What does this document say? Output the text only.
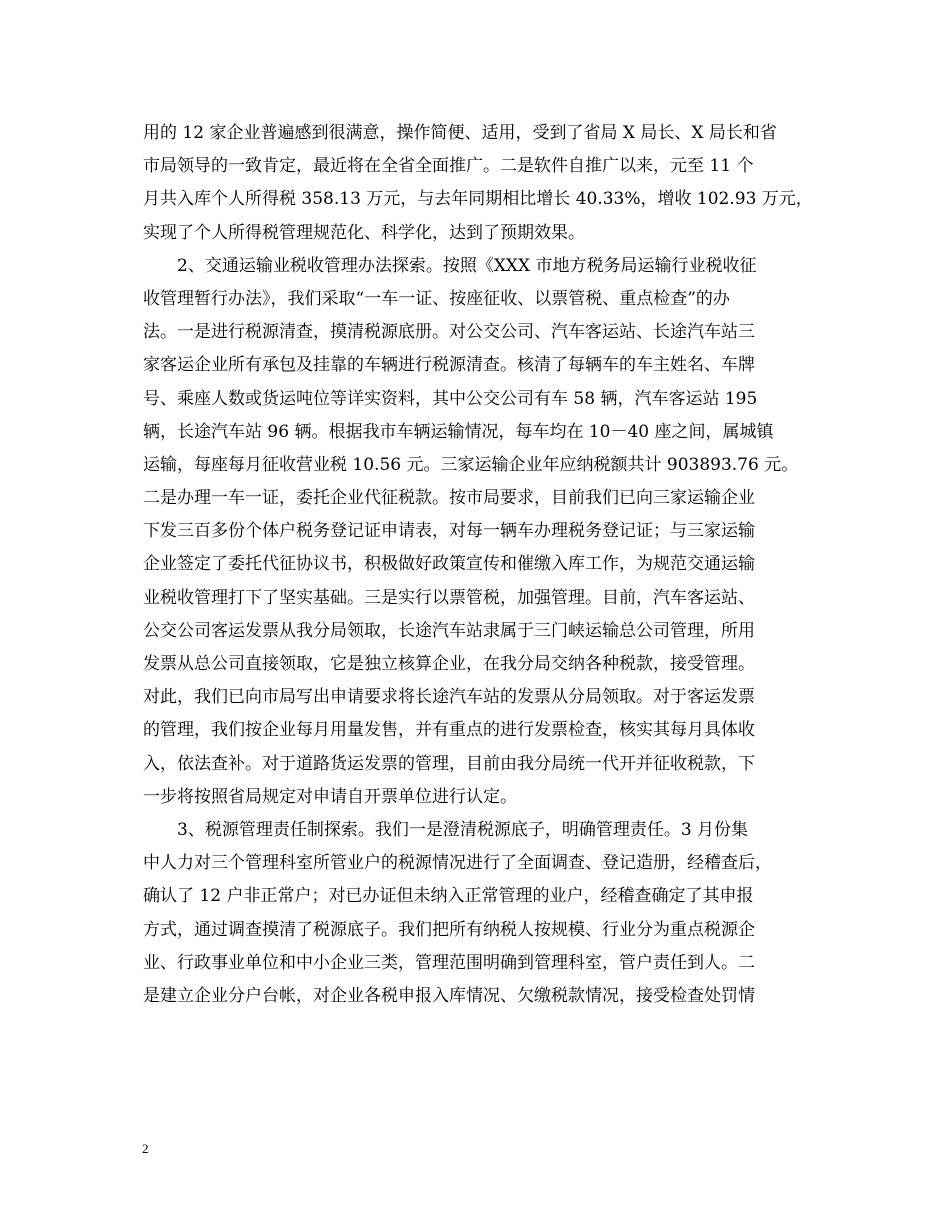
用的 12 家企业普遍感到很满意，操作简便、适用，受到了省局 X 局长、X 局长和省
市局领导的一致肯定，最近将在全省全面推广。二是软件自推广以来，元至 11 个
月共入库个人所得税 358.13 万元，与去年同期相比增长 40.33%，增收 102.93 万元，
实现了个人所得税管理规范化、科学化，达到了预期效果。
　　2、交通运输业税收管理办法探索。按照《XXX 市地方税务局运输行业税收征
收管理暂行办法》，我们采取“一车一证、按座征收、以票管税、重点检查”的办
法。一是进行税源清查，摸清税源底册。对公交公司、汽车客运站、长途汽车站三
家客运企业所有承包及挂靠的车辆进行税源清查。核清了每辆车的车主姓名、车牌
号、乘座人数或货运吨位等详实资料，其中公交公司有车 58 辆，汽车客运站 195
辆，长途汽车站 96 辆。根据我市车辆运输情况，每车均在 10－40 座之间，属城镇
运输，每座每月征收营业税 10.56 元。三家运输企业年应纳税额共计 903893.76 元。
二是办理一车一证，委托企业代征税款。按市局要求，目前我们已向三家运输企业
下发三百多份个体户税务登记证申请表，对每一辆车办理税务登记证；与三家运输
企业签定了委托代征协议书，积极做好政策宣传和催缴入库工作，为规范交通运输
业税收管理打下了坚实基础。三是实行以票管税，加强管理。目前，汽车客运站、
公交公司客运发票从我分局领取，长途汽车站隶属于三门峡运输总公司管理，所用
发票从总公司直接领取，它是独立核算企业，在我分局交纳各种税款，接受管理。
对此，我们已向市局写出申请要求将长途汽车站的发票从分局领取。对于客运发票
的管理，我们按企业每月用量发售，并有重点的进行发票检查，核实其每月具体收
入，依法查补。对于道路货运发票的管理，目前由我分局统一代开并征收税款，下
一步将按照省局规定对申请自开票单位进行认定。
　　3、税源管理责任制探索。我们一是澄清税源底子，明确管理责任。3 月份集
中人力对三个管理科室所管业户的税源情况进行了全面调查、登记造册，经稽查后，
确认了 12 户非正常户；对已办证但未纳入正常管理的业户，经稽查确定了其申报
方式，通过调查摸清了税源底子。我们把所有纳税人按规模、行业分为重点税源企
业、行政事业单位和中小企业三类，管理范围明确到管理科室，管户责任到人。二
是建立企业分户台帐，对企业各税申报入库情况、欠缴税款情况，接受检查处罚情
2
